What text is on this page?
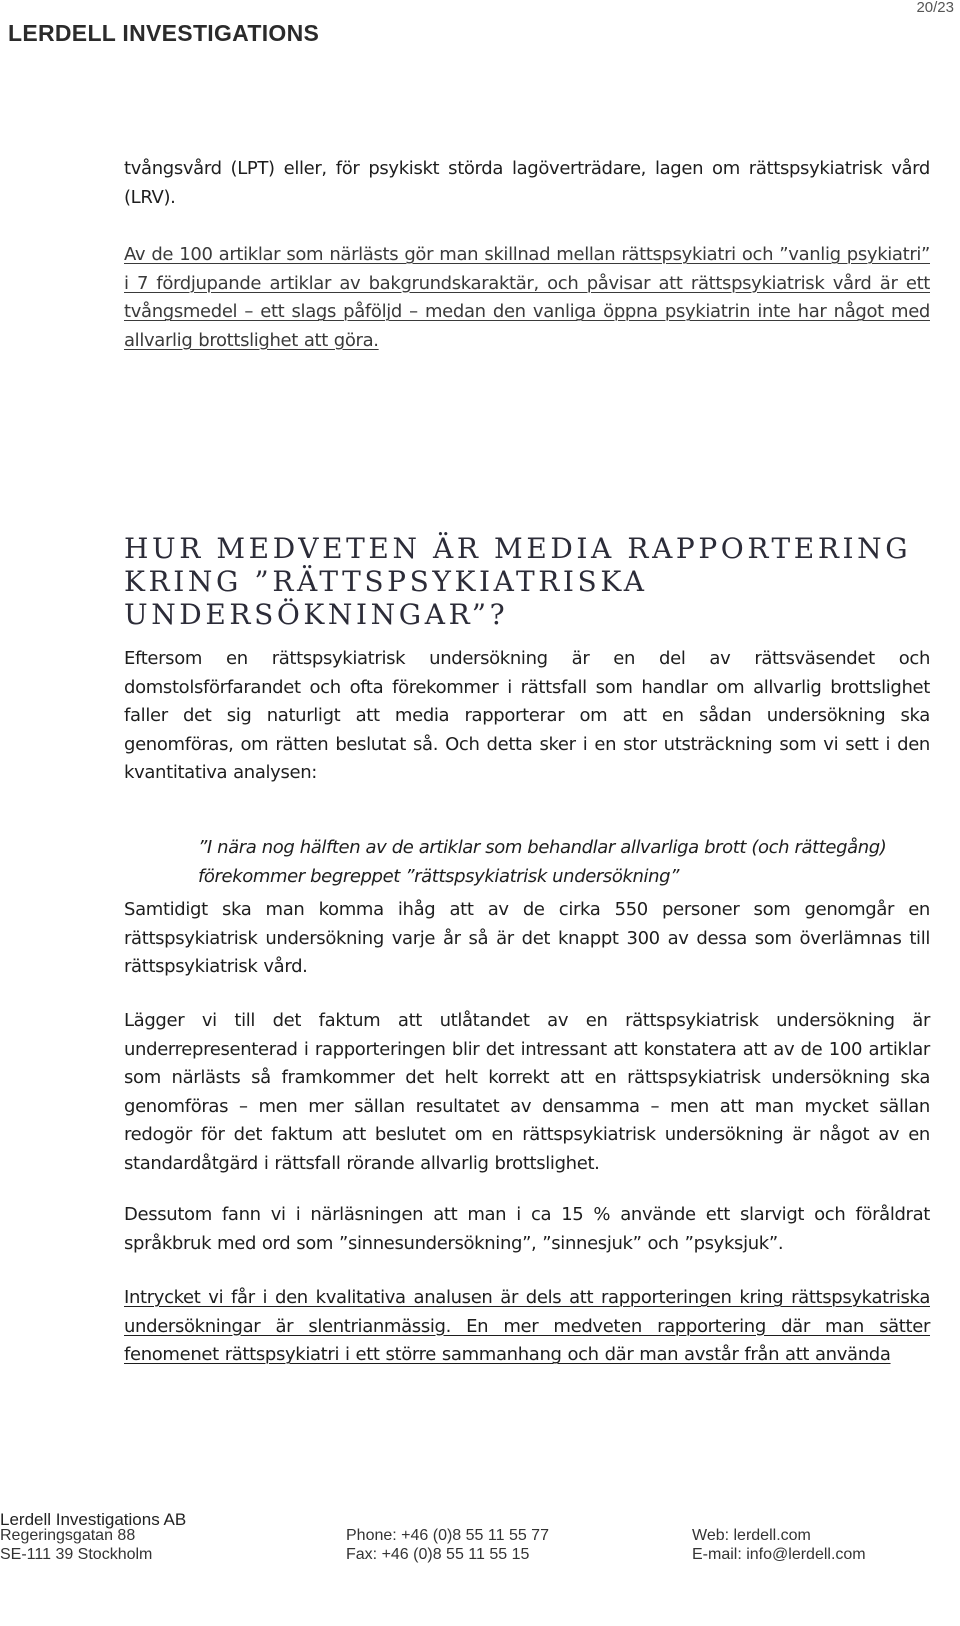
LERDELL INVESTIGATIONS
20/23
tvångsvård (LPT) eller, för psykiskt störda lagöverträdare, lagen om rättspsykiatrisk vård (LRV).
Av de 100 artiklar som närlästs gör man skillnad mellan rättspsykiatri och ”vanlig psykiatri” i 7 fördjupande artiklar av bakgrundskaraktär, och påvisar att rättspsykiatrisk vård är ett tvångsmedel – ett slags påföljd – medan den vanliga öppna psykiatrin inte har något med allvarlig brottslighet att göra.
HUR MEDVETEN ÄR MEDIA RAPPORTERING KRING ”RÄTTSPSYKIATRISKA UNDERSÖKNINGAR”?
Eftersom en rättspsykiatrisk undersökning är en del av rättsväsendet och domstolsförfarandet och ofta förekommer i rättsfall som handlar om allvarlig brottslighet faller det sig naturligt att media rapporterar om att en sådan undersökning ska genomföras, om rätten beslutat så. Och detta sker i en stor utsträckning som vi sett i den kvantitativa analysen:
”I nära nog hälften av de artiklar som behandlar allvarliga brott (och rättegång) förekommer begreppet ”rättspsykiatrisk undersökning”
Samtidigt ska man komma ihåg att av de cirka 550 personer som genomgår en rättspsykiatrisk undersökning varje år så är det knappt 300 av dessa som överlämnas till rättspsykiatrisk vård.
Lägger vi till det faktum att utlåtandet av en rättspsykiatrisk undersökning är underrepresenterad i rapporteringen blir det intressant att konstatera att av de 100 artiklar som närlästs så framkommer det helt korrekt att en rättspsykiatrisk undersökning ska genomföras – men mer sällan resultatet av densamma – men att man mycket sällan redogör för det faktum att beslutet om en rättspsykiatrisk undersökning är något av en standardåtgärd i rättsfall rörande allvarlig brottslighet.
Dessutom fann vi i närläsningen att man i ca 15 % använde ett slarvigt och föråldrat språkbruk med ord som ”sinnesundersökning”, ”sinnesjuk” och ”psyksjuk”.
Intrycket vi får i den kvalitativa analusen är dels att rapporteringen kring rättspsykatriska undersökningar är slentrianmässig. En mer medveten rapportering där man sätter fenomenet rättspsykiatri i ett större sammanhang och där man avstår från att använda
Lerdell Investigations AB
Regeringsgatan 88
SE-111 39 Stockholm
Phone: +46 (0)8 55 11 55 77
Fax: +46 (0)8 55 11 55 15
Web: lerdell.com
E-mail: info@lerdell.com
